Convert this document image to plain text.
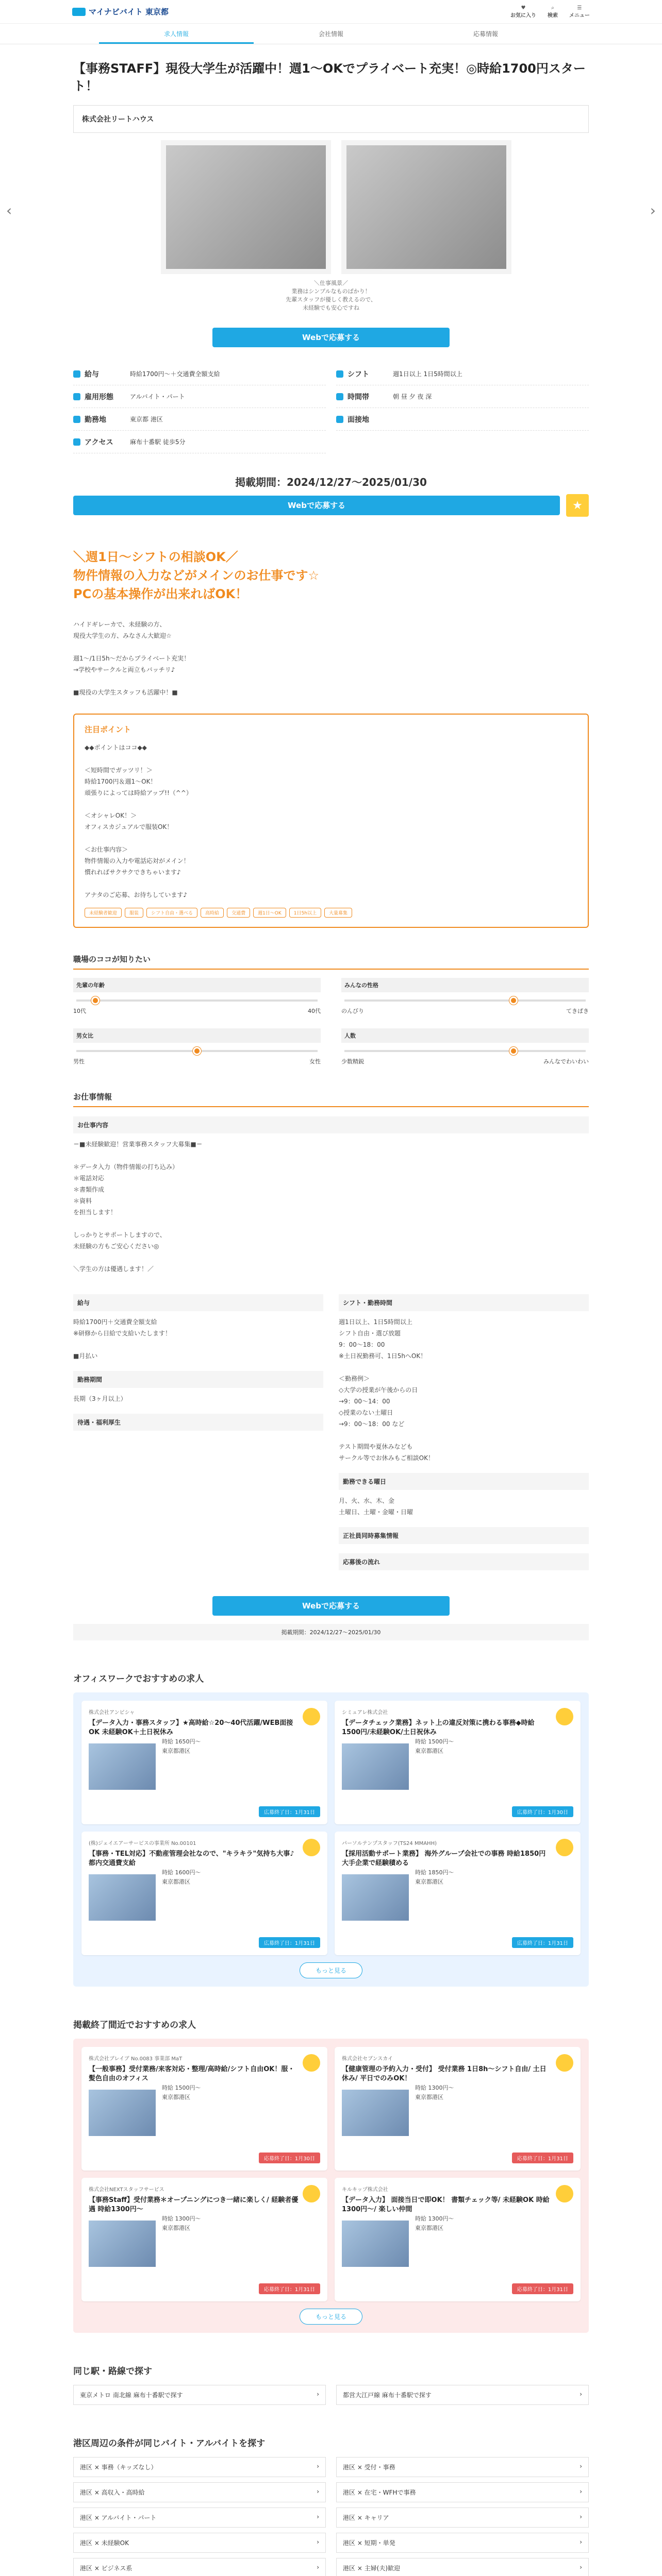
マイナビバイト 東京都	♥
お気に入り
⌕
検索
☰
メニュー
求人情報	会社情報	応募情報
【事務STAFF】現役大学生が活躍中！週1～OKでプライベート充実！◎時給1700円スタート！
株式会社リートハウス
‹	›
＼仕事風景／
業務はシンプルなものばかり！
先輩スタッフが優しく教えるので、
未経験でも安心ですね
Webで応募する
給与	時給1700円～＋交通費全額支給	シフト	週1日以上 1日5時間以上
雇用形態	アルバイト・パート	時間帯	朝 昼 夕 夜 深
勤務地	東京都 港区	面接地
アクセス	麻布十番駅 徒歩5分
掲載期間：2024/12/27～2025/01/30
Webで応募する	★
＼週1日～シフトの相談OK／
物件情報の入力などがメインのお仕事です☆
PCの基本操作が出来ればOK！
ハイドギレーカで、未経験の方、
現役大学生の方、みなさん大歓迎☆

週1～/1日5h～だからプライベート充実！
→学校やサークルと両立もバッチリ♪

■現役の大学生スタッフも活躍中！■
注目ポイント
◆◆ポイントはココ◆◆

＜短時間でガッツリ！＞
時給1700円＆週1～OK！
頑張りによっては時給アップ!!（^^）

＜オシャレOK！＞
オフィスカジュアルで服装OK！

＜お仕事内容＞
物件情報の入力や電話応対がメイン！
慣れればサクサクできちゃいます♪

アナタのご応募、お待ちしています♪
未経験者歓迎	服装	シフト自由・選べる	高時給	交通費	週1日～OK	1日5h以上	大量募集
職場のココが知りたい
先輩の年齢
10代	40代
みんなの性格
のんびり	てきぱき
男女比
男性	女性
人数
少数精鋭	みんなでわいわい
お仕事情報
お仕事内容
＝■未経験歓迎！営業事務スタッフ大募集■＝

＊データ入力（物件情報の打ち込み）
＊電話対応
＊書類作成
＊資料
を担当します！

しっかりとサポートしますので、
未経験の方もご安心ください◎

＼学生の方は優遇します！／
給与
時給1700円＋交通費全額支給
※研修から日給で支給いたします！

■月払い
勤務期間
長期（3ヶ月以上）
待遇・福利厚生
シフト・勤務時間
週1日以上、1日5時間以上
シフト自由・選び放題
9：00～18：00
※土日祝勤務可、1日5hへOK！

＜勤務例＞
◇大学の授業が午後からの日
→9：00～14：00
◇授業のない土曜日
→9：00～18：00 など

テスト期間や夏休みなども
サークル等でお休みもご相談OK！
勤務できる曜日
月、火、水、木、金
土曜日、土曜・金曜・日曜
正社員同時募集情報
応募後の流れ
Webで応募する
掲載期間：2024/12/27～2025/01/30
オフィスワークでおすすめの求人
株式会社アンビシャ
【データ入力・事務スタッフ】★高時給☆20～40代活躍/WEB面接OK 未経験OK＋土日祝休み
時給 1650円～
東京都港区
広募終了日：1月31日
シミュアレ株式会社
【データチェック業務】ネット上の違反対策に携わる事務◆時給1500円/未経験OK/土日祝休み
時給 1500円～
東京都港区
広募終了日：1月30日
(株)ジェイエアーサービスの事業所 No.00101
【事務・TEL対応】不動産管理会社なので、"キラキラ"気持ち大事♪ 都内交通費支給
時給 1600円～
東京都港区
広募終了日：1月31日
パーソルテンプスタッフ(TS24 MMAHH)
【採用活動サポート業務】 海外グループ会社での事務 時給1850円 大手企業で経験積める
時給 1850円～
東京都港区
広募終了日：1月31日
もっと見る
掲載終了間近でおすすめの求人
株式会社ブレイブ No.0083 事業部 MaT
【一般事務】受付業務/来客対応・整理/高時給/シフト自由OK！服・髪色自由のオフィス
時給 1500円～
東京都港区
応募終了日：1月30日
株式会社セブンスカイ
【健康管理の予約入力・受付】 受付業務 1日8h～シフト自由/ 土日休み/ 平日でのみOK！
時給 1300円～
東京都港区
応募終了日：1月31日
株式会社NEXTスタッフサービス
【事務Staff】受付業務＊オープニングにつき一緒に楽しく/ 経験者優遇 時給1300円～
時給 1300円～
東京都港区
応募終了日：1月31日
キルキップ株式会社
【データ入力】 面接当日で即OK！ 書類チェック等/ 未経験OK 時給1300円～/ 楽しい仲間
時給 1300円～
東京都港区
応募終了日：1月31日
もっと見る
同じ駅・路線で探す
東京メトロ 南北線 麻布十番駅で探す	›	都営大江戸線 麻布十番駅で探す	›
港区周辺の条件が同じバイト・アルバイトを探す
港区 × 事務（キッズなし）	›	港区 × 受付・事務	›
港区 × 高収入・高時給	›	港区 × 在宅・WFHで事務	›
港区 × アルバイト・パート	›	港区 × キャリア	›
港区 × 未経験OK	›	港区 × 短期・単発	›
港区 × ビジネス系	›	港区 × 主婦(夫)歓迎	›
